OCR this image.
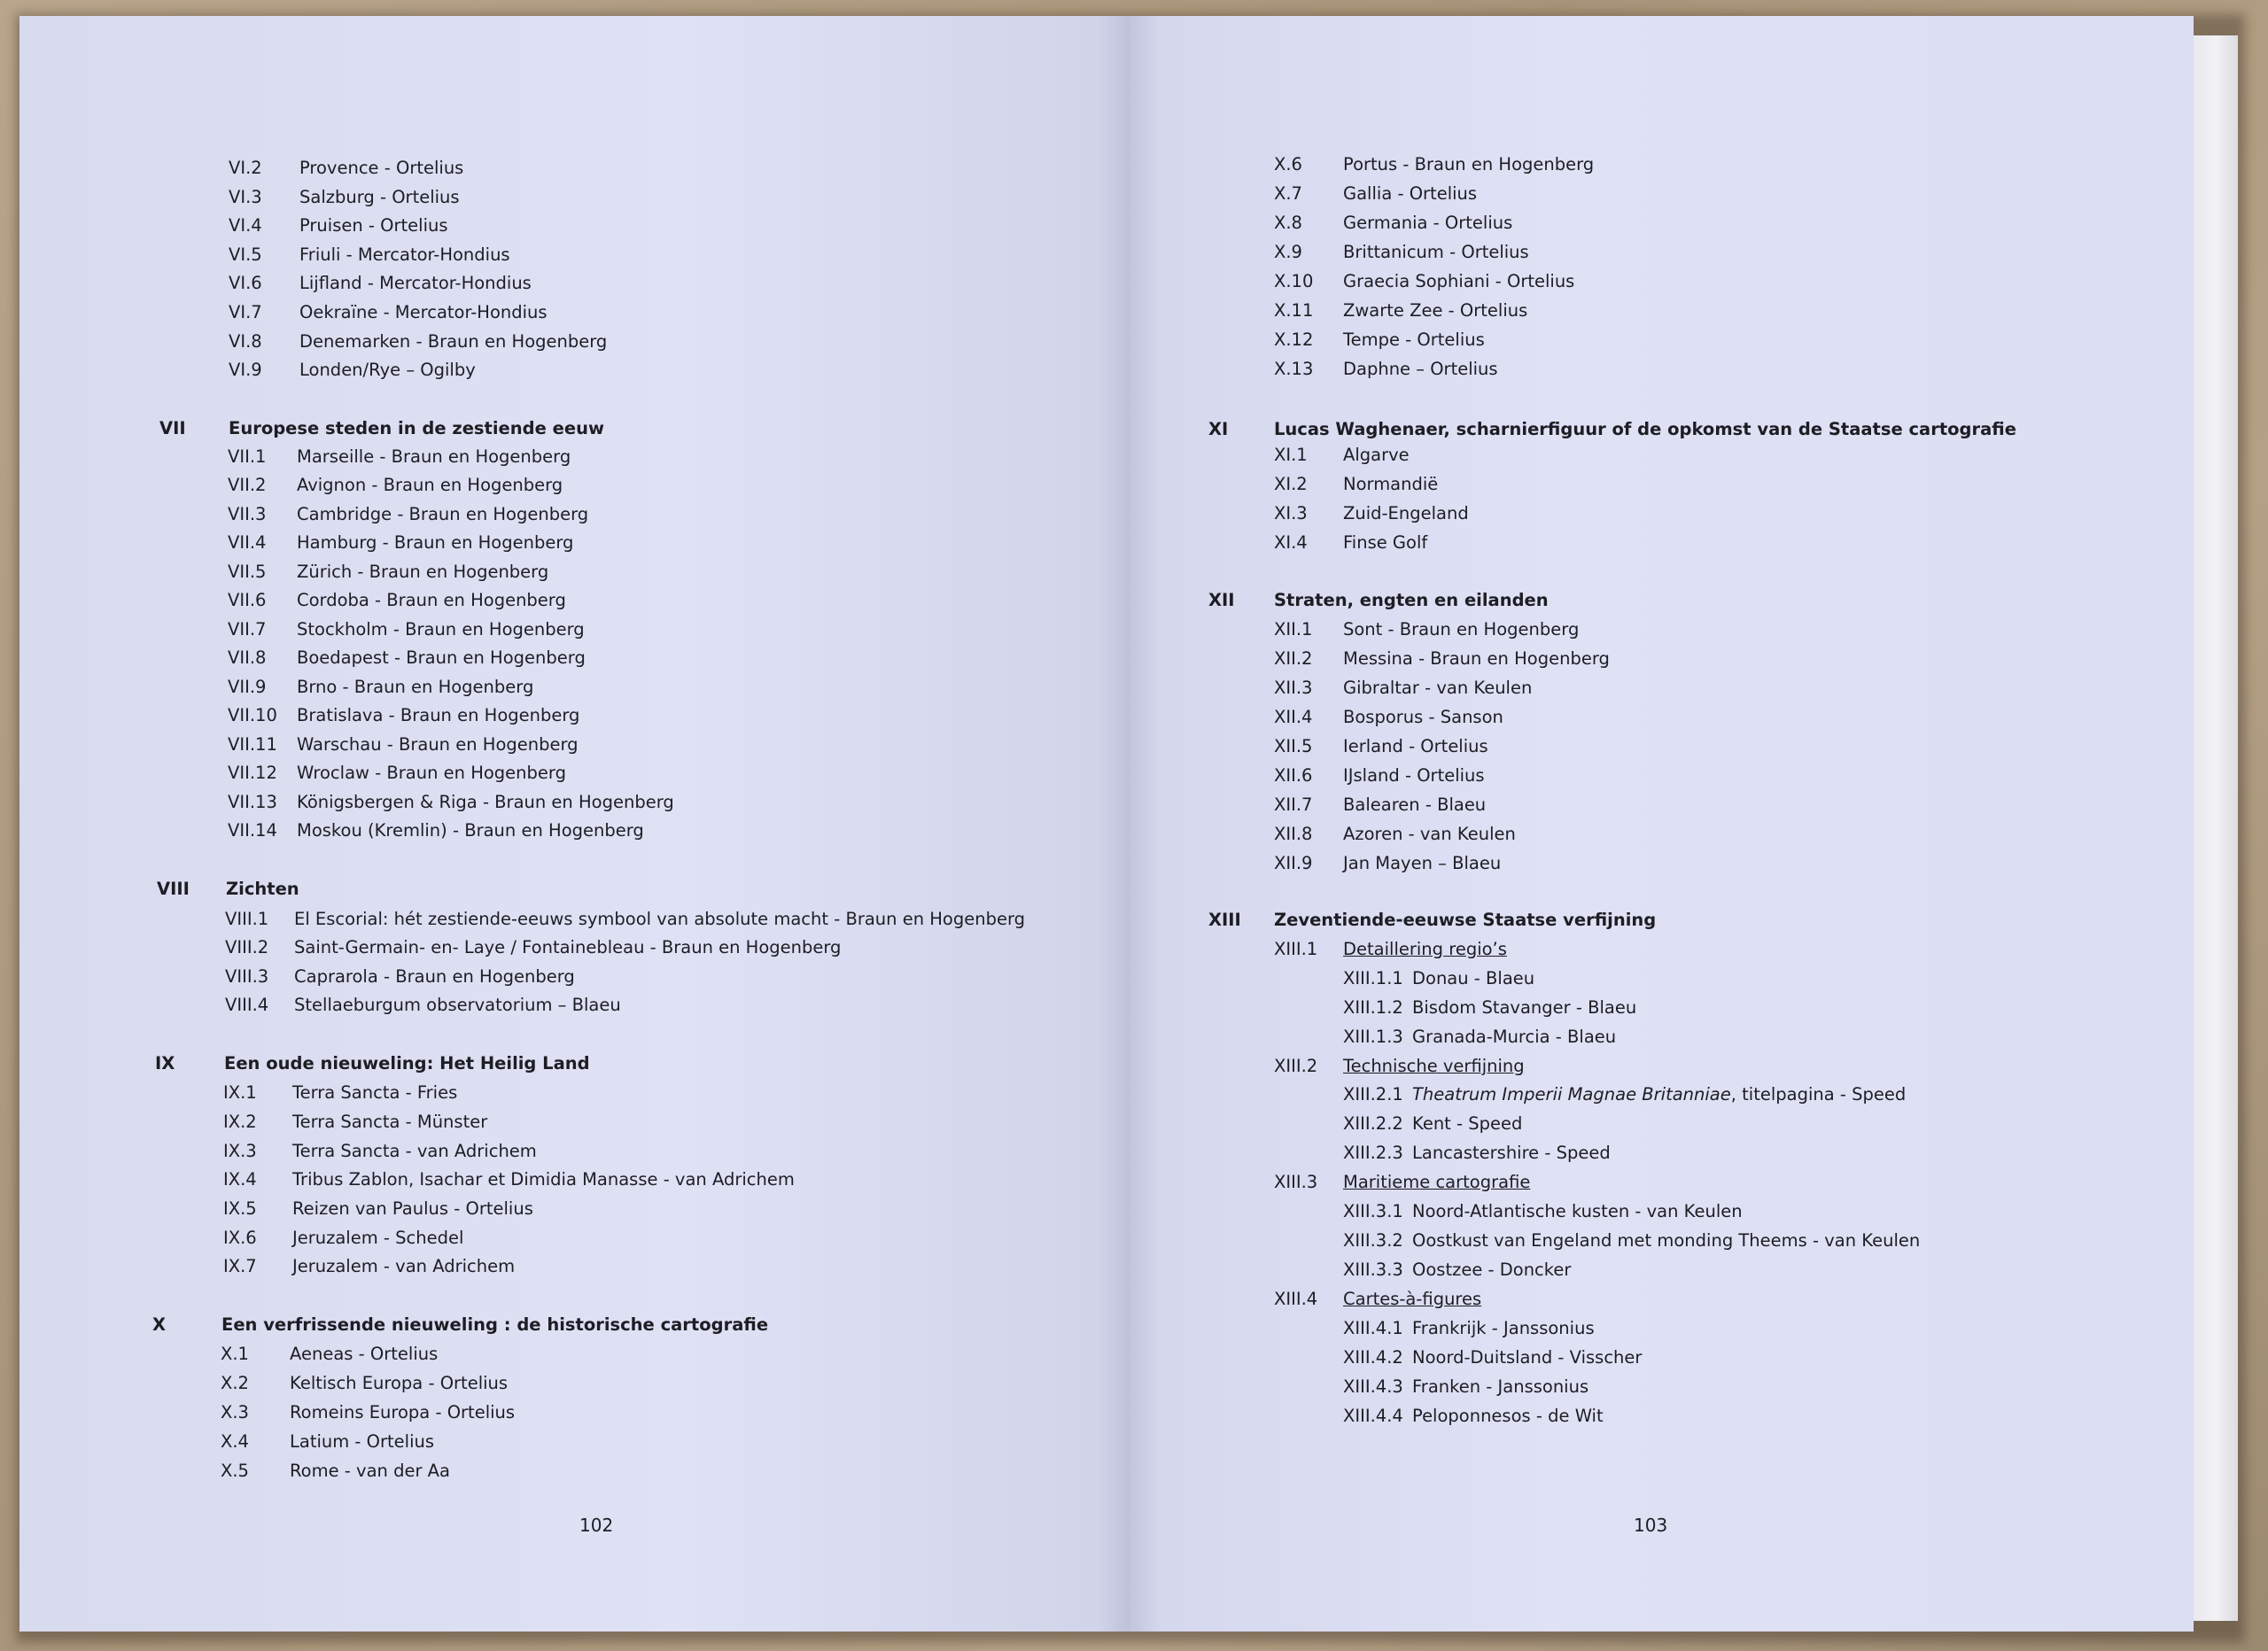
VI.2 Provence - Ortelius
VI.3 Salzburg - Ortelius
VI.4 Pruisen - Ortelius
VI.5 Friuli - Mercator-Hondius
VI.6 Lijfland - Mercator-Hondius
VI.7 Oekraïne - Mercator-Hondius
VI.8 Denemarken - Braun en Hogenberg
VI.9 Londen/Rye – Ogilby
VII Europese steden in de zestiende eeuw
VII.1 Marseille - Braun en Hogenberg
VII.2 Avignon - Braun en Hogenberg
VII.3 Cambridge - Braun en Hogenberg
VII.4 Hamburg - Braun en Hogenberg
VII.5 Zürich - Braun en Hogenberg
VII.6 Cordoba - Braun en Hogenberg
VII.7 Stockholm - Braun en Hogenberg
VII.8 Boedapest - Braun en Hogenberg
VII.9 Brno - Braun en Hogenberg
VII.10 Bratislava - Braun en Hogenberg
VII.11 Warschau - Braun en Hogenberg
VII.12 Wroclaw - Braun en Hogenberg
VII.13 Königsbergen & Riga - Braun en Hogenberg
VII.14 Moskou (Kremlin) - Braun en Hogenberg
VIII Zichten
VIII.1 El Escorial: hét zestiende-eeuws symbool van absolute macht - Braun en Hogenberg
VIII.2 Saint-Germain- en- Laye / Fontainebleau - Braun en Hogenberg
VIII.3 Caprarola - Braun en Hogenberg
VIII.4 Stellaeburgum observatorium – Blaeu
IX	Een oude nieuweling: Het Heilig Land
IX.1 Terra Sancta - Fries
IX.2 Terra Sancta - Münster
IX.3 Terra Sancta - van Adrichem
IX.4 Tribus Zablon, Isachar et Dimidia Manasse - van Adrichem
IX.5 Reizen van Paulus - Ortelius
IX.6 Jeruzalem - Schedel
IX.7 Jeruzalem - van Adrichem
X	Een verfrissende nieuweling : de historische cartografie
X.1 Aeneas - Ortelius
X.2 Keltisch Europa - Ortelius
X.3 Romeins Europa - Ortelius
X.4 Latium - Ortelius
X.5 Rome - van der Aa
102
X.6 Portus - Braun en Hogenberg
X.7 Gallia - Ortelius
X.8 Germania - Ortelius
X.9 Brittanicum - Ortelius
X.10 Graecia Sophiani - Ortelius
X.11 Zwarte Zee - Ortelius
X.12 Tempe - Ortelius
X.13 Daphne – Ortelius
XI	Lucas Waghenaer, scharnierfiguur of de opkomst van de Staatse cartografie
XI.1 Algarve
XI.2 Normandië
XI.3 Zuid-Engeland
XI.4 Finse Golf
XII Straten, engten en eilanden
XII.1 Sont - Braun en Hogenberg
XII.2 Messina - Braun en Hogenberg
XII.3 Gibraltar - van Keulen
XII.4 Bosporus - Sanson
XII.5 Ierland - Ortelius
XII.6 IJsland - Ortelius
XII.7 Balearen - Blaeu
XII.8 Azoren - van Keulen
XII.9 Jan Mayen – Blaeu
XIII Zeventiende-eeuwse Staatse verfijning
XIII.1 Detaillering regio’s
XIII.1.1 Donau - Blaeu
XIII.1.2 Bisdom Stavanger - Blaeu
XIII.1.3 Granada-Murcia - Blaeu
XIII.2 Technische verfijning
XIII.2.1 Theatrum Imperii Magnae Britanniae, titelpagina - Speed
XIII.2.2 Kent - Speed
XIII.2.3 Lancastershire - Speed
XIII.3 Maritieme cartografie
XIII.3.1 Noord-Atlantische kusten - van Keulen
XIII.3.2 Oostkust van Engeland met monding Theems - van Keulen
XIII.3.3 Oostzee - Doncker
XIII.4 Cartes-à-figures
XIII.4.1 Frankrijk - Janssonius
XIII.4.2 Noord-Duitsland - Visscher
XIII.4.3 Franken - Janssonius
XIII.4.4 Peloponnesos - de Wit
103
